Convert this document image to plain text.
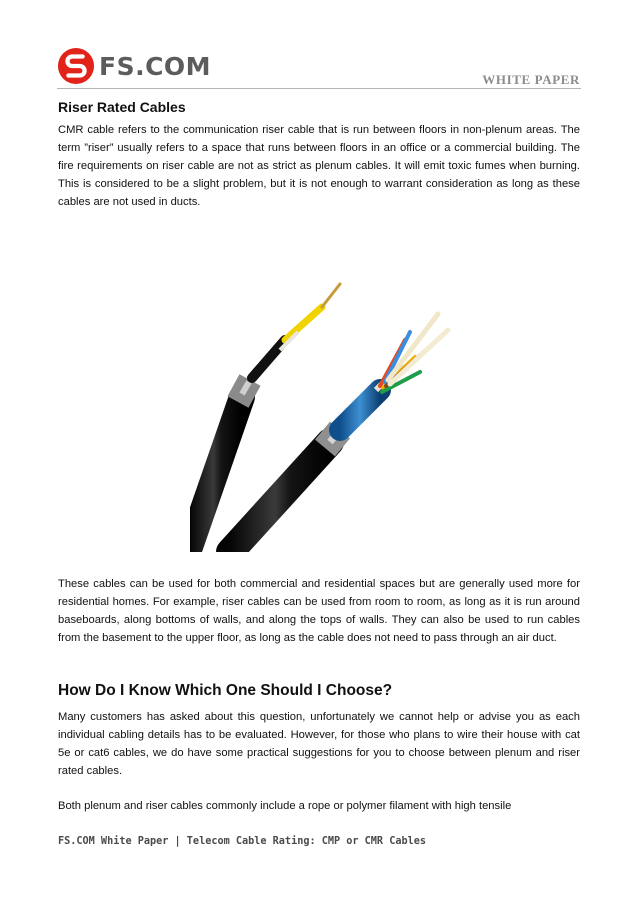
FS.COM	WHITE PAPER
Riser Rated Cables

CMR cable refers to the communication riser cable that is run between floors in non-plenum areas. The term ”riser” usually refers to a space that runs between floors in an office or a commercial building. The fire requirements on riser cable are not as strict as plenum cables. It will emit toxic fumes when burning. This is considered to be a slight problem, but it is not enough to warrant consideration as long as these cables are not used in ducts.

These cables can be used for both commercial and residential spaces but are generally used more for residential homes. For example, riser cables can be used from room to room, as long as it is run around baseboards, along bottoms of walls, and along the tops of walls. They can also be used to run cables from the basement to the upper floor, as long as the cable does not need to pass through an air duct.

How Do I Know Which One Should I Choose?

Many customers has asked about this question, unfortunately we cannot help or advise you as each individual cabling details has to be evaluated. However, for those who plans to wire their house with cat 5e or cat6 cables, we do have some practical suggestions for you to choose between plenum and riser rated cables.

Both plenum and riser cables commonly include a rope or polymer filament with high tensile

FS.COM White Paper | Telecom Cable Rating: CMP or CMR Cables
